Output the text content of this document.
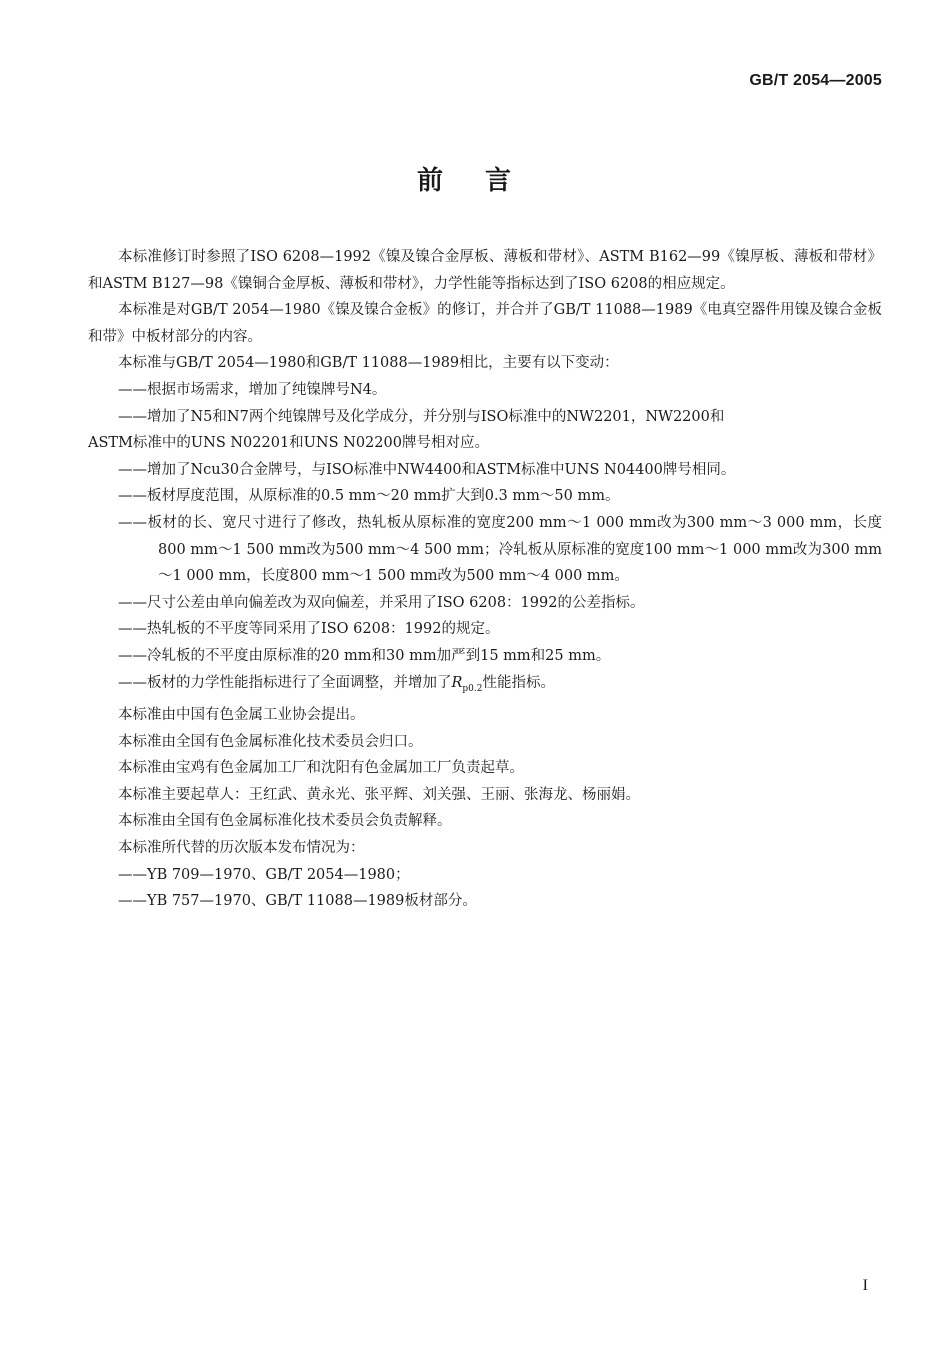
GB/T 2054—2005
前言

本标准修订时参照了ISO 6208—1992《镍及镍合金厚板、薄板和带材》、ASTM B162—99《镍厚板、薄板和带材》和ASTM B127—98《镍铜合金厚板、薄板和带材》，力学性能等指标达到了ISO 6208的相应规定。

本标准是对GB/T 2054—1980《镍及镍合金板》的修订，并合并了GB/T 11088—1989《电真空器件用镍及镍合金板和带》中板材部分的内容。

本标准与GB/T 2054—1980和GB/T 11088—1989相比，主要有以下变动：

——根据市场需求，增加了纯镍牌号N4。

——增加了N5和N7两个纯镍牌号及化学成分，并分别与ISO标准中的NW2201，NW2200和

ASTM标准中的UNS N02201和UNS N02200牌号相对应。

——增加了Ncu30合金牌号，与ISO标准中NW4400和ASTM标准中UNS N04400牌号相同。

——板材厚度范围，从原标准的0.5 mm～20 mm扩大到0.3 mm～50 mm。

——板材的长、宽尺寸进行了修改，热轧板从原标准的宽度200 mm～1 000 mm改为300 mm～3 000 mm，长度800 mm～1 500 mm改为500 mm～4 500 mm；冷轧板从原标准的宽度100 mm～1 000 mm改为300 mm～1 000 mm，长度800 mm～1 500 mm改为500 mm～4 000 mm。

——尺寸公差由单向偏差改为双向偏差，并采用了ISO 6208：1992的公差指标。

——热轧板的不平度等同采用了ISO 6208：1992的规定。

——冷轧板的不平度由原标准的20 mm和30 mm加严到15 mm和25 mm。

——板材的力学性能指标进行了全面调整，并增加了$R_{p0.2}$性能指标。

本标准由中国有色金属工业协会提出。

本标准由全国有色金属标准化技术委员会归口。

本标准由宝鸡有色金属加工厂和沈阳有色金属加工厂负责起草。

本标准主要起草人：王红武、黄永光、张平辉、刘关强、王丽、张海龙、杨丽娟。

本标准由全国有色金属标准化技术委员会负责解释。

本标准所代替的历次版本发布情况为：

——YB 709—1970、GB/T 2054—1980；

——YB 757—1970、GB/T 11088—1989板材部分。

I
